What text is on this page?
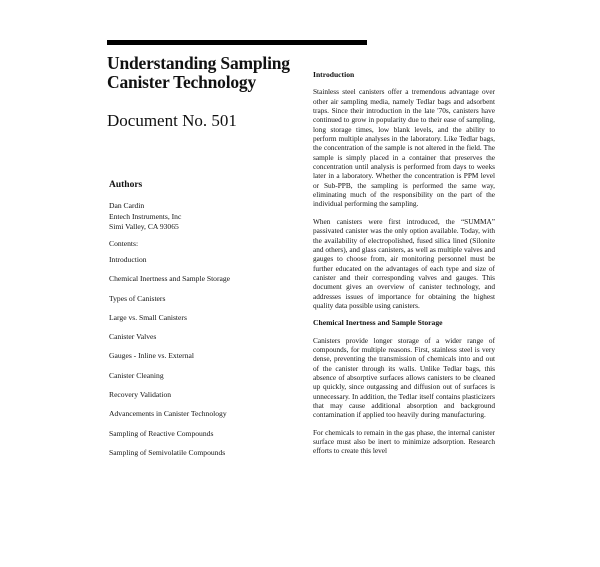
Understanding Sampling Canister Technology
Document No. 501
Authors
Dan Cardin
Entech Instruments, Inc
Simi Valley, CA 93065
Contents:
Introduction
Chemical Inertness and Sample Storage
Types of Canisters
Large vs. Small Canisters
Canister Valves
Gauges - Inline vs. External
Canister Cleaning
Recovery Validation
Advancements in Canister Technology
Sampling of Reactive Compounds
Sampling of Semivolatile Compounds
Introduction

Stainless steel canisters offer a tremendous advantage over other air sampling media, namely Tedlar bags and adsorbent traps. Since their introduction in the late '70s, canisters have continued to grow in popularity due to their ease of sampling, long storage times, low blank levels, and the ability to perform multiple analyses in the laboratory. Like Tedlar bags, the concentration of the sample is not altered in the field. The sample is simply placed in a container that preserves the concentration until analysis is performed from days to weeks later in a laboratory. Whether the concentration is PPM level or Sub-PPB, the sampling is performed the same way, eliminating much of the responsibility on the part of the individual performing the sampling.

When canisters were first introduced, the “SUMMA” passivated canister was the only option available. Today, with the availability of electropolished, fused silica lined (Silonite and others), and glass canisters, as well as multiple valves and gauges to choose from, air monitoring personnel must be further educated on the advantages of each type and size of canister and their corresponding valves and gauges. This document gives an overview of canister technology, and addresses issues of importance for obtaining the highest quality data possible using canisters.

Chemical Inertness and Sample Storage

Canisters provide longer storage of a wider range of compounds, for multiple reasons. First, stainless steel is very dense, preventing the transmission of chemicals into and out of the canister through its walls. Unlike Tedlar bags, this absence of absorptive surfaces allows canisters to be cleaned up quickly, since outgassing and diffusion out of surfaces is unnecessary. In addition, the Tedlar itself contains plasticizers that may cause additional absorption and background contamination if applied too heavily during manufacturing.

For chemicals to remain in the gas phase, the internal canister surface must also be inert to minimize adsorption. Research efforts to create this level
